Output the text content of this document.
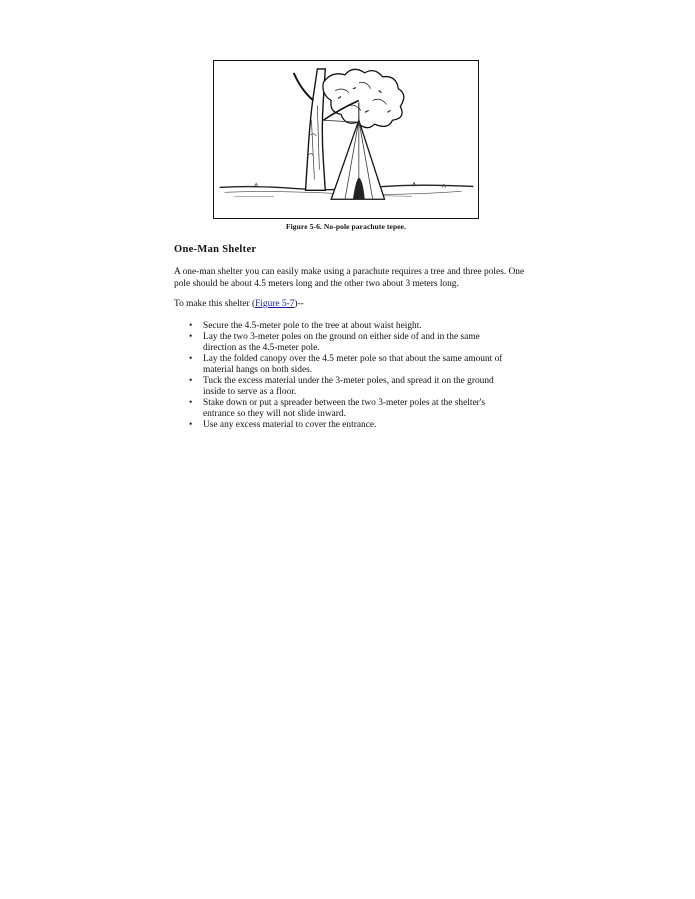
Figure 5-6. No-pole parachute tepee.
One-Man Shelter

A one-man shelter you can easily make using a parachute requires a tree and three poles. One pole should be about 4.5 meters long and the other two about 3 meters long.

To make this shelter (Figure 5-7)--

• Secure the 4.5-meter pole to the tree at about waist height.
• Lay the two 3-meter poles on the ground on either side of and in the same direction as the 4.5-meter pole.
• Lay the folded canopy over the 4.5 meter pole so that about the same amount of material hangs on both sides.
• Tuck the excess material under the 3-meter poles, and spread it on the ground inside to serve as a floor.
• Stake down or put a spreader between the two 3-meter poles at the shelter's entrance so they will not slide inward.
• Use any excess material to cover the entrance.
